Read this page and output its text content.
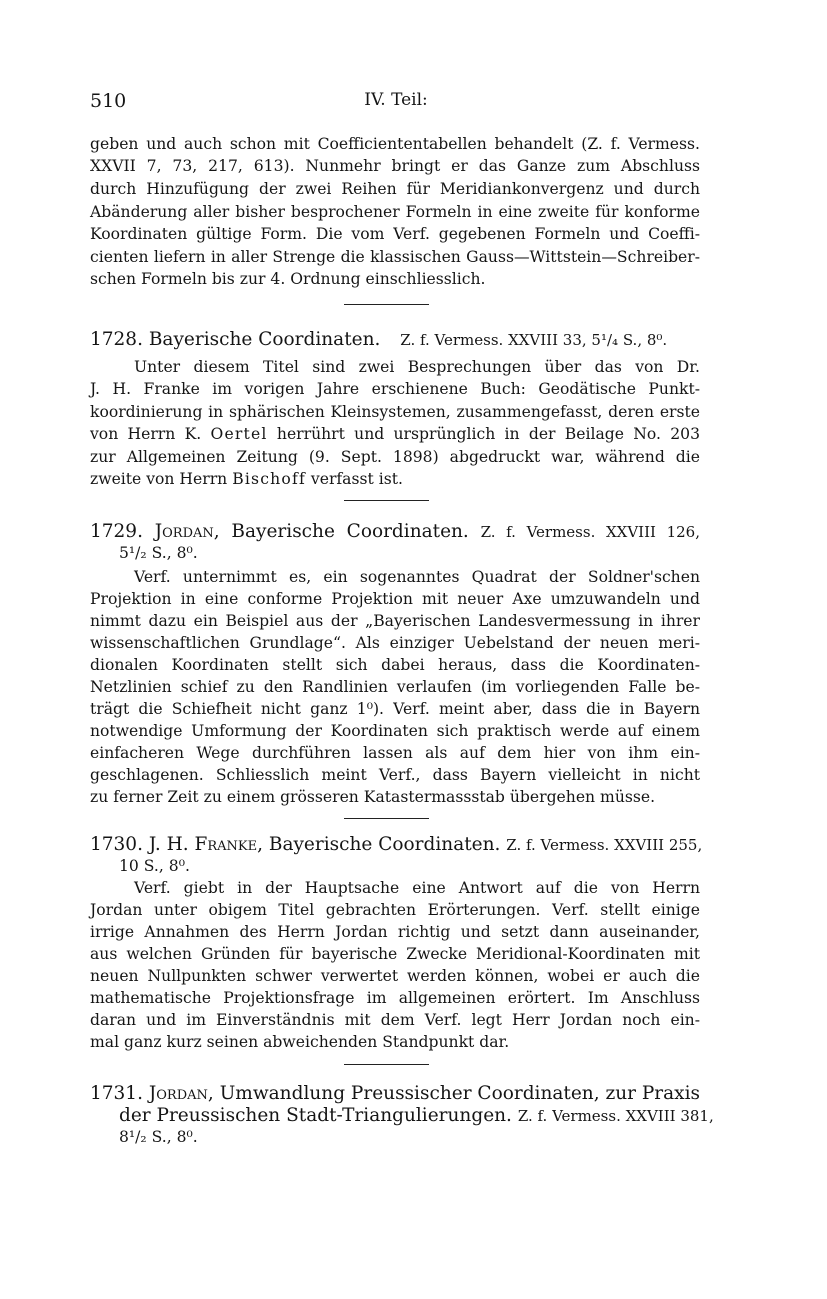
510	IV. Teil:
geben und auch schon mit Coefficiententabellen behandelt (Z. f. Vermess.
XXVII 7, 73, 217, 613). Nunmehr bringt er das Ganze zum Abschluss
durch Hinzufügung der zwei Reihen für Meridiankonvergenz und durch
Abänderung aller bisher besprochener Formeln in eine zweite für konforme
Koordinaten gültige Form. Die vom Verf. gegebenen Formeln und Coeffi-
cienten liefern in aller Strenge die klassischen Gauss—Wittstein—Schreiber-
schen Formeln bis zur 4. Ordnung einschliesslich.
1728. Bayerische Coordinaten. Z. f. Vermess. XXVIII 33, 5¹/₄ S., 8⁰.
Unter diesem Titel sind zwei Besprechungen über das von Dr.
J. H. Franke im vorigen Jahre erschienene Buch: Geodätische Punkt-
koordinierung in sphärischen Kleinsystemen, zusammengefasst, deren erste
von Herrn K. Oertel herrührt und ursprünglich in der Beilage No. 203
zur Allgemeinen Zeitung (9. Sept. 1898) abgedruckt war, während die
zweite von Herrn Bischoff verfasst ist.
1729. Jordan, Bayerische Coordinaten. Z. f. Vermess. XXVIII 126,
5¹/₂ S., 8⁰.
Verf. unternimmt es, ein sogenanntes Quadrat der Soldner'schen
Projektion in eine conforme Projektion mit neuer Axe umzuwandeln und
nimmt dazu ein Beispiel aus der „Bayerischen Landesvermessung in ihrer
wissenschaftlichen Grundlage“. Als einziger Uebelstand der neuen meri-
dionalen Koordinaten stellt sich dabei heraus, dass die Koordinaten-
Netzlinien schief zu den Randlinien verlaufen (im vorliegenden Falle be-
trägt die Schiefheit nicht ganz 1⁰). Verf. meint aber, dass die in Bayern
notwendige Umformung der Koordinaten sich praktisch werde auf einem
einfacheren Wege durchführen lassen als auf dem hier von ihm ein-
geschlagenen. Schliesslich meint Verf., dass Bayern vielleicht in nicht
zu ferner Zeit zu einem grösseren Katastermassstab übergehen müsse.
1730. J. H. Franke, Bayerische Coordinaten. Z. f. Vermess. XXVIII 255,
10 S., 8⁰.
Verf. giebt in der Hauptsache eine Antwort auf die von Herrn
Jordan unter obigem Titel gebrachten Erörterungen. Verf. stellt einige
irrige Annahmen des Herrn Jordan richtig und setzt dann auseinander,
aus welchen Gründen für bayerische Zwecke Meridional-Koordinaten mit
neuen Nullpunkten schwer verwertet werden können, wobei er auch die
mathematische Projektionsfrage im allgemeinen erörtert. Im Anschluss
daran und im Einverständnis mit dem Verf. legt Herr Jordan noch ein-
mal ganz kurz seinen abweichenden Standpunkt dar.
1731. Jordan, Umwandlung Preussischer Coordinaten, zur Praxis
der Preussischen Stadt-Triangulierungen. Z. f. Vermess. XXVIII 381,
8¹/₂ S., 8⁰.
